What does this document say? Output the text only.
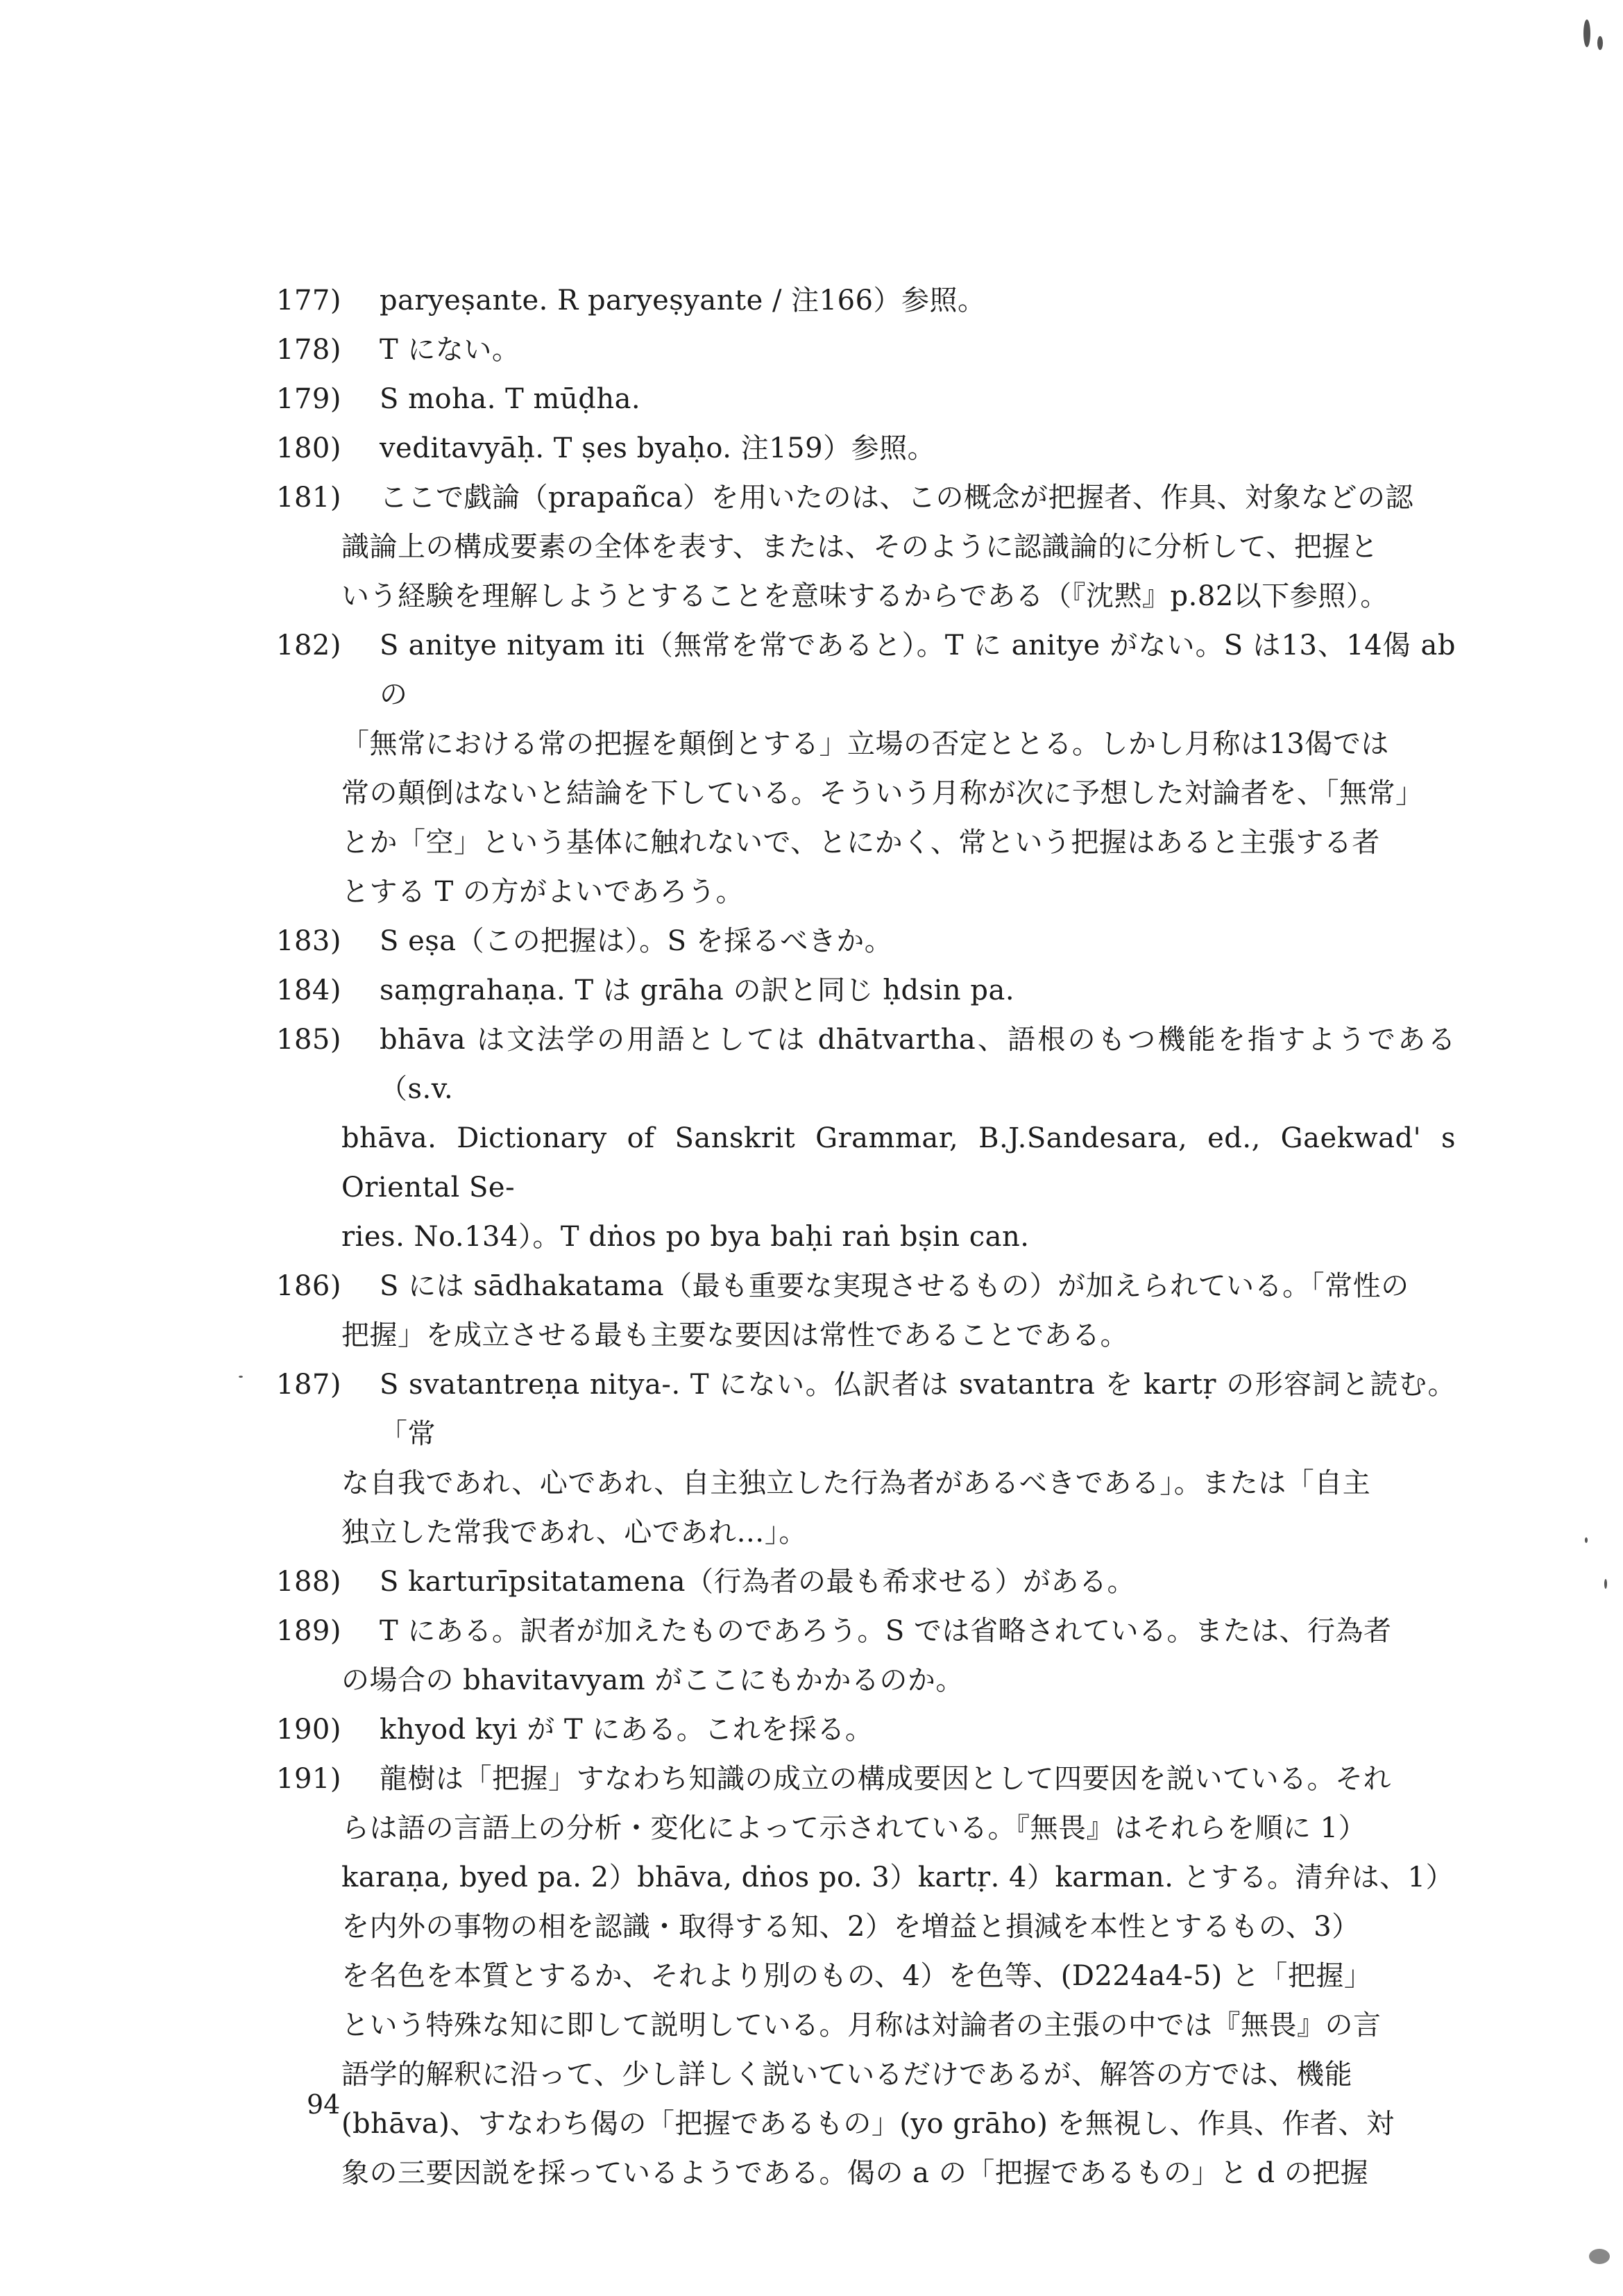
177) paryeṣante. R paryeṣyante / 注166）参照。
178) T にない。
179) S moha. T mūḍha.
180) veditavyāḥ. T ṣes byaḥo. 注159）参照。
181) ここで戯論（prapañca）を用いたのは、この概念が把握者、作具、対象などの認
識論上の構成要素の全体を表す、または、そのように認識論的に分析して、把握と
いう経験を理解しようとすることを意味するからである（『沈黙』p.82以下参照）。
182) S anitye nityam iti（無常を常であると）。T に anitye がない。S は13、14偈 ab の
「無常における常の把握を顛倒とする」立場の否定ととる。しかし月称は13偈では
常の顛倒はないと結論を下している。そういう月称が次に予想した対論者を、「無常」
とか「空」という基体に触れないで、とにかく、常という把握はあると主張する者
とする T の方がよいであろう。
183) S eṣa（この把握は）。S を採るべきか。
184) saṃgrahaṇa. T は grāha の訳と同じ ḥdsin pa.
185) bhāva は文法学の用語としては dhātvartha、語根のもつ機能を指すようである（s.v.
bhāva. Dictionary of Sanskrit Grammar, B.J.Sandesara, ed., Gaekwad' s Oriental Se-
ries. No.134）。T dṅos po bya baḥi raṅ bṣin can.
186) S には sādhakatama（最も重要な実現させるもの）が加えられている。「常性の
把握」を成立させる最も主要な要因は常性であることである。
187) S svatantreṇa nitya-. T にない。仏訳者は svatantra を kartṛ の形容詞と読む。「常
な自我であれ、心であれ、自主独立した行為者があるべきである」。または「自主
独立した常我であれ、心であれ…」。
188) S karturīpsitatamena（行為者の最も希求せる）がある。
189) T にある。訳者が加えたものであろう。S では省略されている。または、行為者
の場合の bhavitavyam がここにもかかるのか。
190) khyod kyi が T にある。これを採る。
191) 龍樹は「把握」すなわち知識の成立の構成要因として四要因を説いている。それ
らは語の言語上の分析・変化によって示されている。『無畏』はそれらを順に 1）
karaṇa, byed pa. 2）bhāva, dṅos po. 3）kartṛ. 4）karman. とする。清弁は、1）
を内外の事物の相を認識・取得する知、2）を増益と損減を本性とするもの、3）
を名色を本質とするか、それより別のもの、4）を色等、(D224a4-5) と「把握」
という特殊な知に即して説明している。月称は対論者の主張の中では『無畏』の言
語学的解釈に沿って、少し詳しく説いているだけであるが、解答の方では、機能
(bhāva)、すなわち偈の「把握であるもの」(yo grāho) を無視し、作具、作者、対
象の三要因説を採っているようである。偈の a の「把握であるもの」と d の把握
94
